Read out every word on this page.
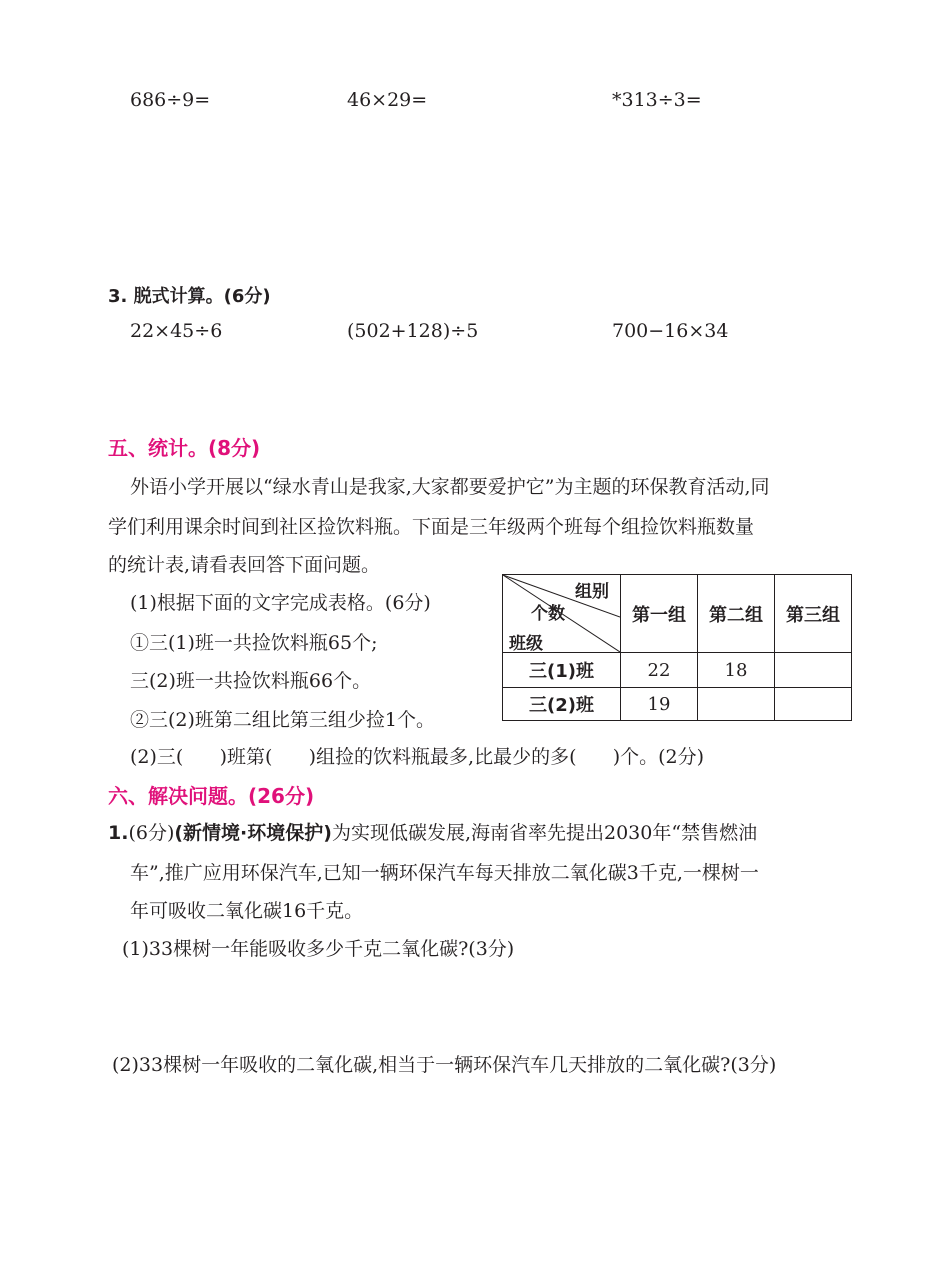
686÷9=	46×29=	*313÷3=
3. 脱式计算。(6分)
22×45÷6	(502+128)÷5	700−16×34
五、统计。(8分)
外语小学开展以“绿水青山是我家,大家都要爱护它”为主题的环保教育活动,同
学们利用课余时间到社区捡饮料瓶。下面是三年级两个班每个组捡饮料瓶数量
的统计表,请看表回答下面问题。
(1)根据下面的文字完成表格。(6分)
①三(1)班一共捡饮料瓶65个;
三(2)班一共捡饮料瓶66个。
②三(2)班第二组比第三组少捡1个。
组别
个数
班级	第一组	第二组	第三组
三(1)班	22	18	
三(2)班	19		
(2)三(      )班第(      )组捡的饮料瓶最多,比最少的多(      )个。(2分)
六、解决问题。(26分)
1.(6分)(新情境·环境保护)为实现低碳发展,海南省率先提出2030年“禁售燃油
车”,推广应用环保汽车,已知一辆环保汽车每天排放二氧化碳3千克,一棵树一
年可吸收二氧化碳16千克。
(1)33棵树一年能吸收多少千克二氧化碳?(3分)
(2)33棵树一年吸收的二氧化碳,相当于一辆环保汽车几天排放的二氧化碳?(3分)
